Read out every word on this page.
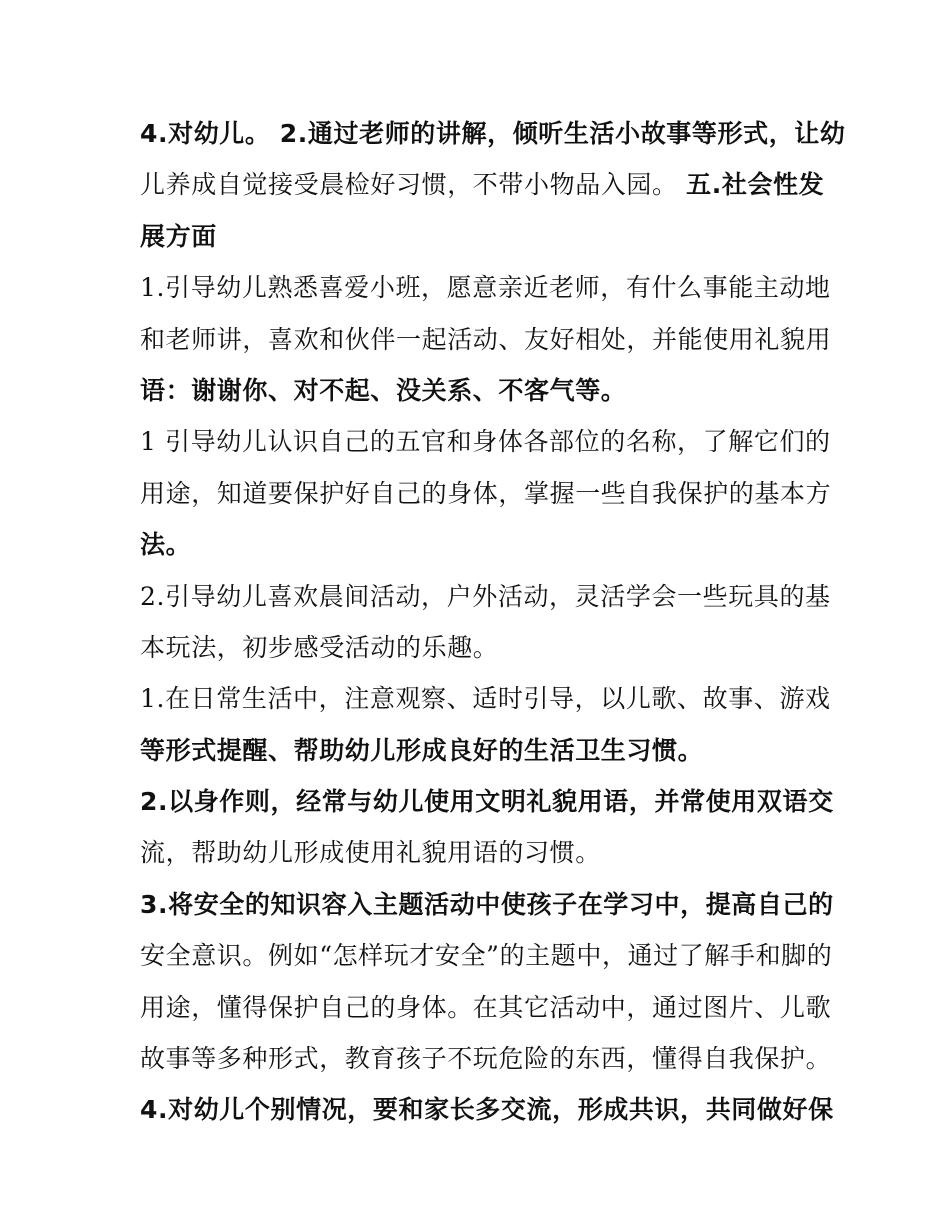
4.对幼儿。 2.通过老师的讲解，倾听生活小故事等形式，让幼
儿养成自觉接受晨检好习惯，不带小物品入园。 五.社会性发
展方面
1.引导幼儿熟悉喜爱小班，愿意亲近老师，有什么事能主动地
和老师讲，喜欢和伙伴一起活动、友好相处，并能使用礼貌用
语：谢谢你、对不起、没关系、不客气等。
1 引导幼儿认识自己的五官和身体各部位的名称，了解它们的
用途，知道要保护好自己的身体，掌握一些自我保护的基本方
法。
2.引导幼儿喜欢晨间活动，户外活动，灵活学会一些玩具的基
本玩法，初步感受活动的乐趣。
1.在日常生活中，注意观察、适时引导，以儿歌、故事、游戏
等形式提醒、帮助幼儿形成良好的生活卫生习惯。
2.以身作则，经常与幼儿使用文明礼貌用语，并常使用双语交
流，帮助幼儿形成使用礼貌用语的习惯。
3.将安全的知识容入主题活动中使孩子在学习中，提高自己的
安全意识。例如“怎样玩才安全”的主题中，通过了解手和脚的
用途，懂得保护自己的身体。在其它活动中，通过图片、儿歌
故事等多种形式，教育孩子不玩危险的东西，懂得自我保护。
4.对幼儿个别情况，要和家长多交流，形成共识，共同做好保
